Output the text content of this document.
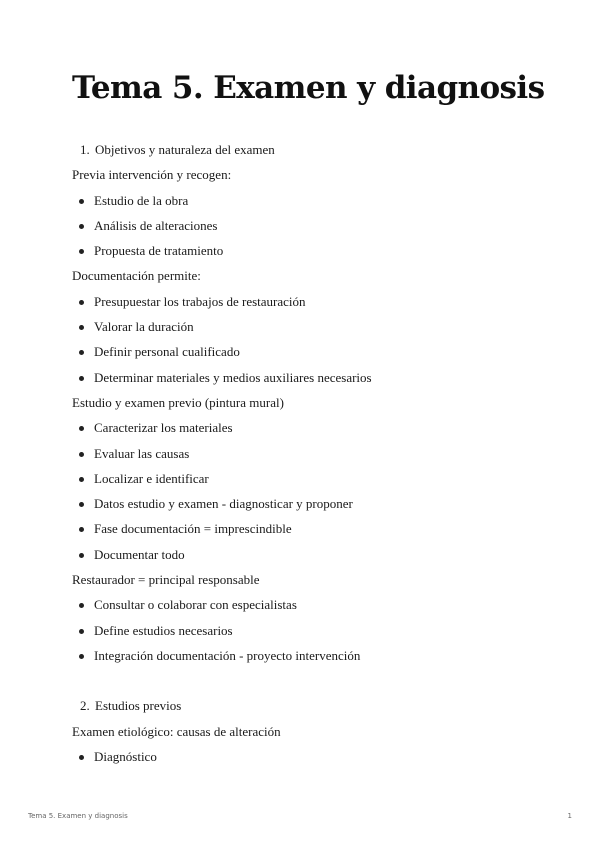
Tema 5. Examen y diagnosis
1. Objetivos y naturaleza del examen
Previa intervención y recogen:
Estudio de la obra
Análisis de alteraciones
Propuesta de tratamiento
Documentación permite:
Presupuestar los trabajos de restauración
Valorar la duración
Definir personal cualificado
Determinar materiales y medios auxiliares necesarios
Estudio y examen previo (pintura mural)
Caracterizar los materiales
Evaluar las causas
Localizar e identificar
Datos estudio y examen - diagnosticar y proponer
Fase documentación = imprescindible
Documentar todo
Restaurador = principal responsable
Consultar o colaborar con especialistas
Define estudios necesarios
Integración documentación - proyecto intervención
2. Estudios previos
Examen etiológico: causas de alteración
Diagnóstico
Tema 5. Examen y diagnosis	1
